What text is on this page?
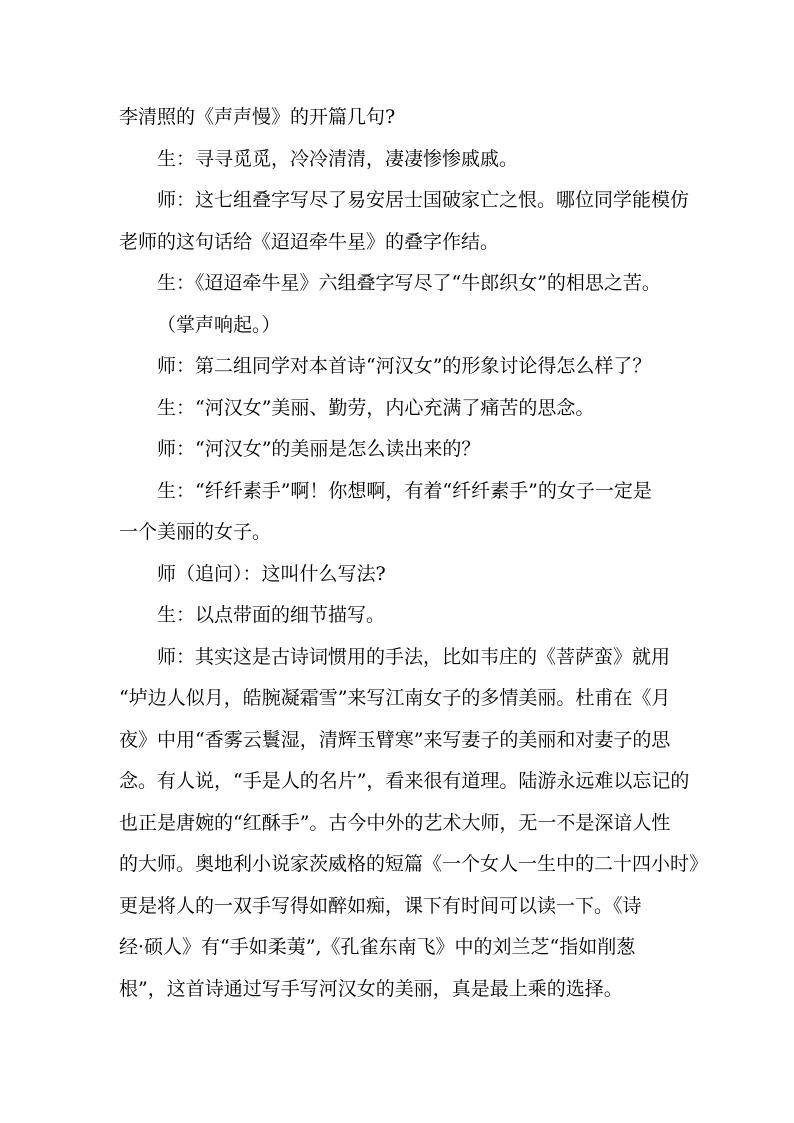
李清照的《声声慢》的开篇几句?

生：寻寻觅觅，冷冷清清，凄凄惨惨戚戚。

师：这七组叠字写尽了易安居士国破家亡之恨。哪位同学能模仿

老师的这句话给《迢迢牵牛星》的叠字作结。

生：《迢迢牵牛星》六组叠字写尽了“牛郎织女”的相思之苦。

（掌声响起。）

师：第二组同学对本首诗“河汉女”的形象讨论得怎么样了？

生：“河汉女”美丽、勤劳，内心充满了痛苦的思念。

师：“河汉女”的美丽是怎么读出来的？

生：“纤纤素手”啊！你想啊，有着“纤纤素手”的女子一定是

一个美丽的女子。

师（追问）：这叫什么写法?

生：以点带面的细节描写。

师：其实这是古诗词惯用的手法，比如韦庄的《菩萨蛮》就用

“垆边人似月，皓腕凝霜雪”来写江南女子的多情美丽。杜甫在《月

夜》中用“香雾云鬟湿，清辉玉臂寒”来写妻子的美丽和对妻子的思

念。有人说，“手是人的名片”，看来很有道理。陆游永远难以忘记的

也正是唐婉的“红酥手”。古今中外的艺术大师，无一不是深谙人性

的大师。奥地利小说家茨威格的短篇《一个女人一生中的二十四小时》

更是将人的一双手写得如醉如痴，课下有时间可以读一下。《诗

经·硕人》有“手如柔荑”,《孔雀东南飞》中的刘兰芝“指如削葱

根”，这首诗通过写手写河汉女的美丽，真是最上乘的选择。
